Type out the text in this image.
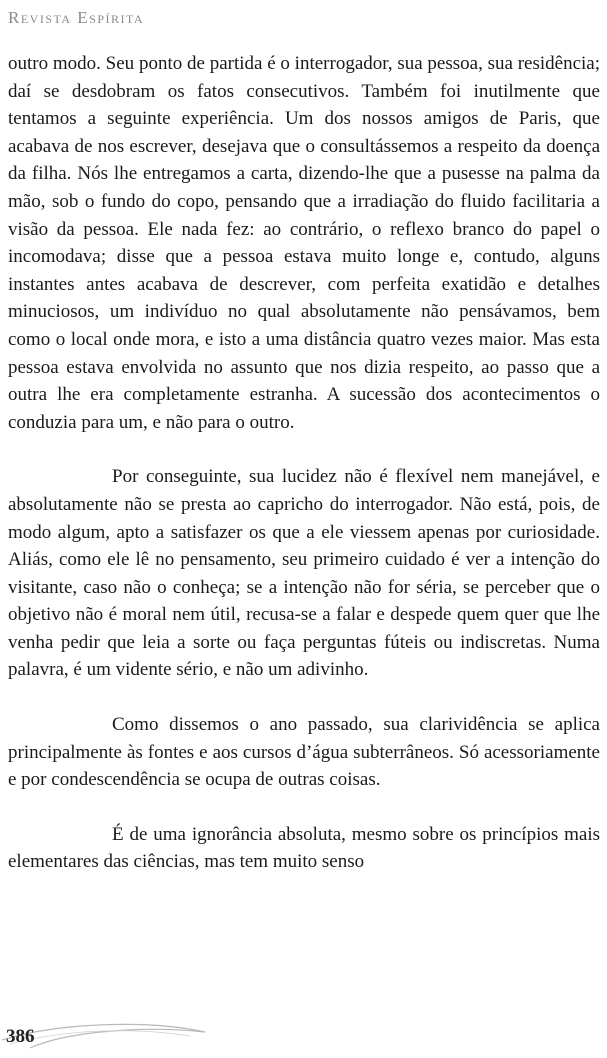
Revista Espírita

outro modo. Seu ponto de partida é o interrogador, sua pessoa, sua residência; daí se desdobram os fatos consecutivos. Também foi inutilmente que tentamos a seguinte experiência. Um dos nossos amigos de Paris, que acabava de nos escrever, desejava que o consultássemos a respeito da doença da filha. Nós lhe entregamos a carta, dizendo-lhe que a pusesse na palma da mão, sob o fundo do copo, pensando que a irradiação do fluido facilitaria a visão da pessoa. Ele nada fez: ao contrário, o reflexo branco do papel o incomodava; disse que a pessoa estava muito longe e, contudo, alguns instantes antes acabava de descrever, com perfeita exatidão e detalhes minuciosos, um indivíduo no qual absolutamente não pensávamos, bem como o local onde mora, e isto a uma distância quatro vezes maior. Mas esta pessoa estava envolvida no assunto que nos dizia respeito, ao passo que a outra lhe era completamente estranha. A sucessão dos acontecimentos o conduzia para um, e não para o outro.

Por conseguinte, sua lucidez não é flexível nem manejável, e absolutamente não se presta ao capricho do interrogador. Não está, pois, de modo algum, apto a satisfazer os que a ele viessem apenas por curiosidade. Aliás, como ele lê no pensamento, seu primeiro cuidado é ver a intenção do visitante, caso não o conheça; se a intenção não for séria, se perceber que o objetivo não é moral nem útil, recusa-se a falar e despede quem quer que lhe venha pedir que leia a sorte ou faça perguntas fúteis ou indiscretas. Numa palavra, é um vidente sério, e não um adivinho.

Como dissemos o ano passado, sua clarividência se aplica principalmente às fontes e aos cursos d’água subterrâneos. Só acessoriamente e por condescendência se ocupa de outras coisas.

É de uma ignorância absoluta, mesmo sobre os princípios mais elementares das ciências, mas tem muito senso

386
